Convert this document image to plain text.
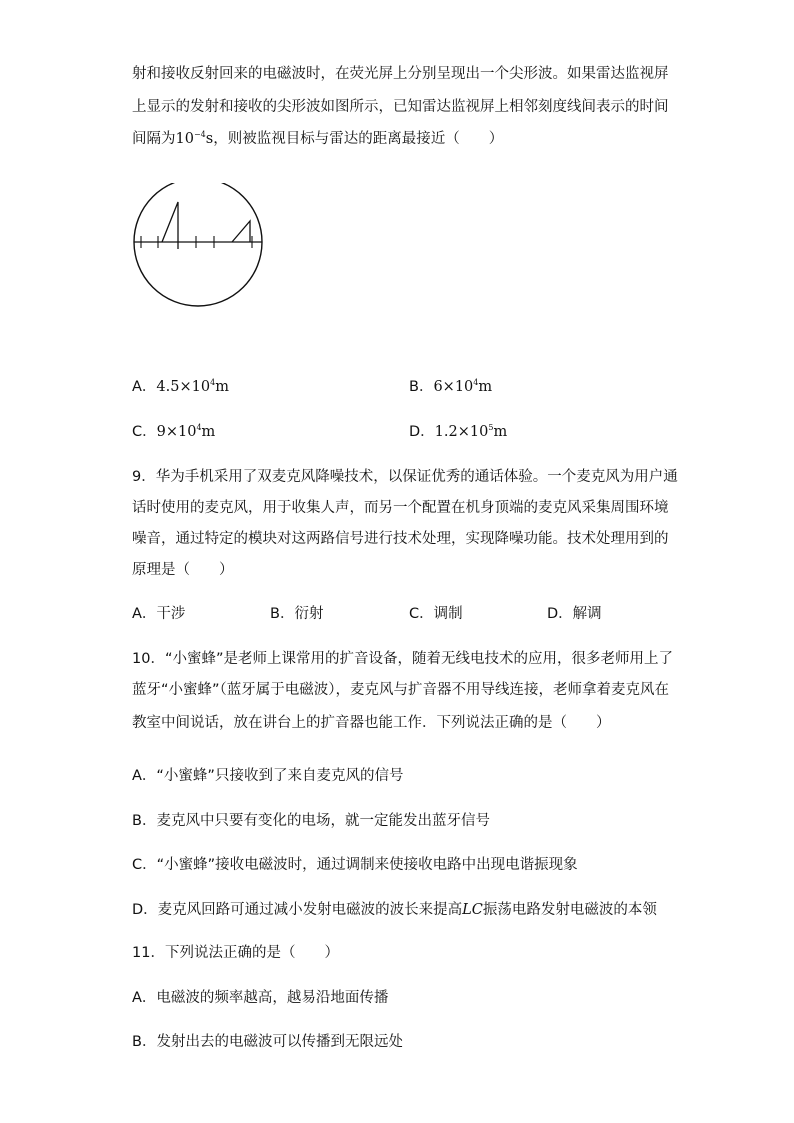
射和接收反射回来的电磁波时，在荧光屏上分别呈现出一个尖形波。如果雷达监视屏
上显示的发射和接收的尖形波如图所示，已知雷达监视屏上相邻刻度线间表示的时间
间隔为$10^{-4}s$，则被监视目标与雷达的距离最接近（　　）
A．$4.5\times 10^4m$	B．$6\times 10^4m$
C．$9\times 10^4m$	D．$1.2\times 10^5m$
9．华为手机采用了双麦克风降噪技术，以保证优秀的通话体验。一个麦克风为用户通
话时使用的麦克风，用于收集人声，而另一个配置在机身顶端的麦克风采集周围环境
噪音，通过特定的模块对这两路信号进行技术处理，实现降噪功能。技术处理用到的
原理是（　　）
A．干涉	B．衍射	C．调制	D．解调
10．“小蜜蜂”是老师上课常用的扩音设备，随着无线电技术的应用，很多老师用上了
蓝牙“小蜜蜂”（蓝牙属于电磁波），麦克风与扩音器不用导线连接，老师拿着麦克风在
教室中间说话，放在讲台上的扩音器也能工作．下列说法正确的是（　　）
A．“小蜜蜂”只接收到了来自麦克风的信号
B．麦克风中只要有变化的电场，就一定能发出蓝牙信号
C．“小蜜蜂”接收电磁波时，通过调制来使接收电路中出现电谐振现象
D．麦克风回路可通过减小发射电磁波的波长来提高LC振荡电路发射电磁波的本领
11．下列说法正确的是（　　）
A．电磁波的频率越高，越易沿地面传播
B．发射出去的电磁波可以传播到无限远处
